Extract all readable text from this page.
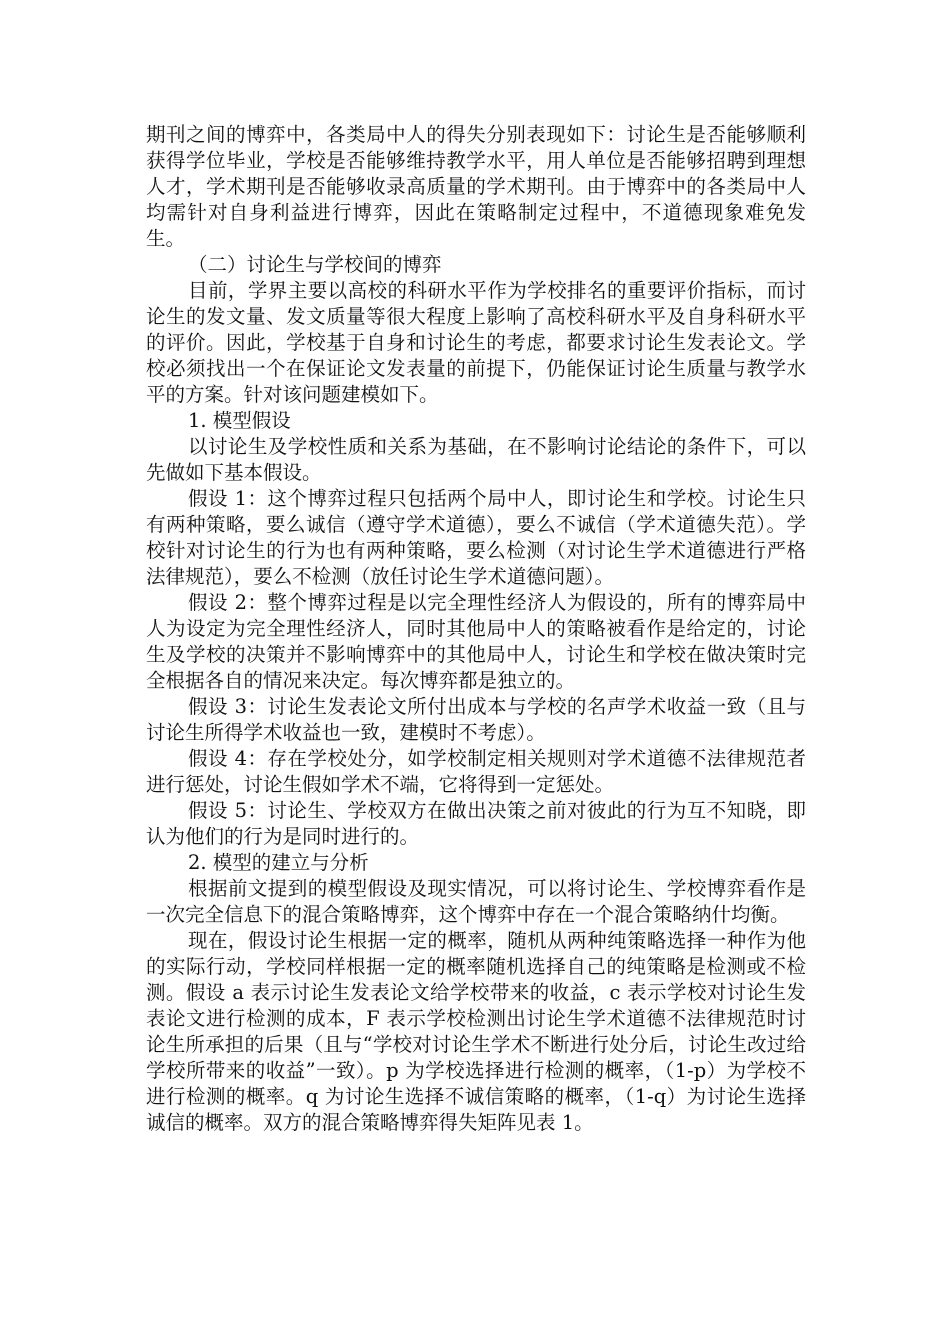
期刊之间的博弈中，各类局中人的得失分别表现如下：讨论生是否能够顺利获得学位毕业，学校是否能够维持教学水平，用人单位是否能够招聘到理想人才，学术期刊是否能够收录高质量的学术期刊。由于博弈中的各类局中人均需针对自身利益进行博弈，因此在策略制定过程中，不道德现象难免发生。

（二）讨论生与学校间的博弈

目前，学界主要以高校的科研水平作为学校排名的重要评价指标，而讨论生的发文量、发文质量等很大程度上影响了高校科研水平及自身科研水平的评价。因此，学校基于自身和讨论生的考虑，都要求讨论生发表论文。学校必须找出一个在保证论文发表量的前提下，仍能保证讨论生质量与教学水平的方案。针对该问题建模如下。

1. 模型假设

以讨论生及学校性质和关系为基础，在不影响讨论结论的条件下，可以先做如下基本假设。

假设 1：这个博弈过程只包括两个局中人，即讨论生和学校。讨论生只有两种策略，要么诚信（遵守学术道德），要么不诚信（学术道德失范）。学校针对讨论生的行为也有两种策略，要么检测（对讨论生学术道德进行严格法律规范），要么不检测（放任讨论生学术道德问题）。

假设 2：整个博弈过程是以完全理性经济人为假设的，所有的博弈局中人为设定为完全理性经济人，同时其他局中人的策略被看作是给定的，讨论生及学校的决策并不影响博弈中的其他局中人，讨论生和学校在做决策时完全根据各自的情况来决定。每次博弈都是独立的。

假设 3：讨论生发表论文所付出成本与学校的名声学术收益一致（且与讨论生所得学术收益也一致，建模时不考虑）。

假设 4：存在学校处分，如学校制定相关规则对学术道德不法律规范者进行惩处，讨论生假如学术不端，它将得到一定惩处。

假设 5：讨论生、学校双方在做出决策之前对彼此的行为互不知晓，即认为他们的行为是同时进行的。

2. 模型的建立与分析

根据前文提到的模型假设及现实情况，可以将讨论生、学校博弈看作是一次完全信息下的混合策略博弈，这个博弈中存在一个混合策略纳什均衡。

现在，假设讨论生根据一定的概率，随机从两种纯策略选择一种作为他的实际行动，学校同样根据一定的概率随机选择自己的纯策略是检测或不检测。假设 a 表示讨论生发表论文给学校带来的收益，c 表示学校对讨论生发表论文进行检测的成本，F 表示学校检测出讨论生学术道德不法律规范时讨论生所承担的后果（且与“学校对讨论生学术不断进行处分后，讨论生改过给学校所带来的收益”一致）。p 为学校选择进行检测的概率，（1-p）为学校不进行检测的概率。q 为讨论生选择不诚信策略的概率，（1-q）为讨论生选择诚信的概率。双方的混合策略博弈得失矩阵见表 1。
